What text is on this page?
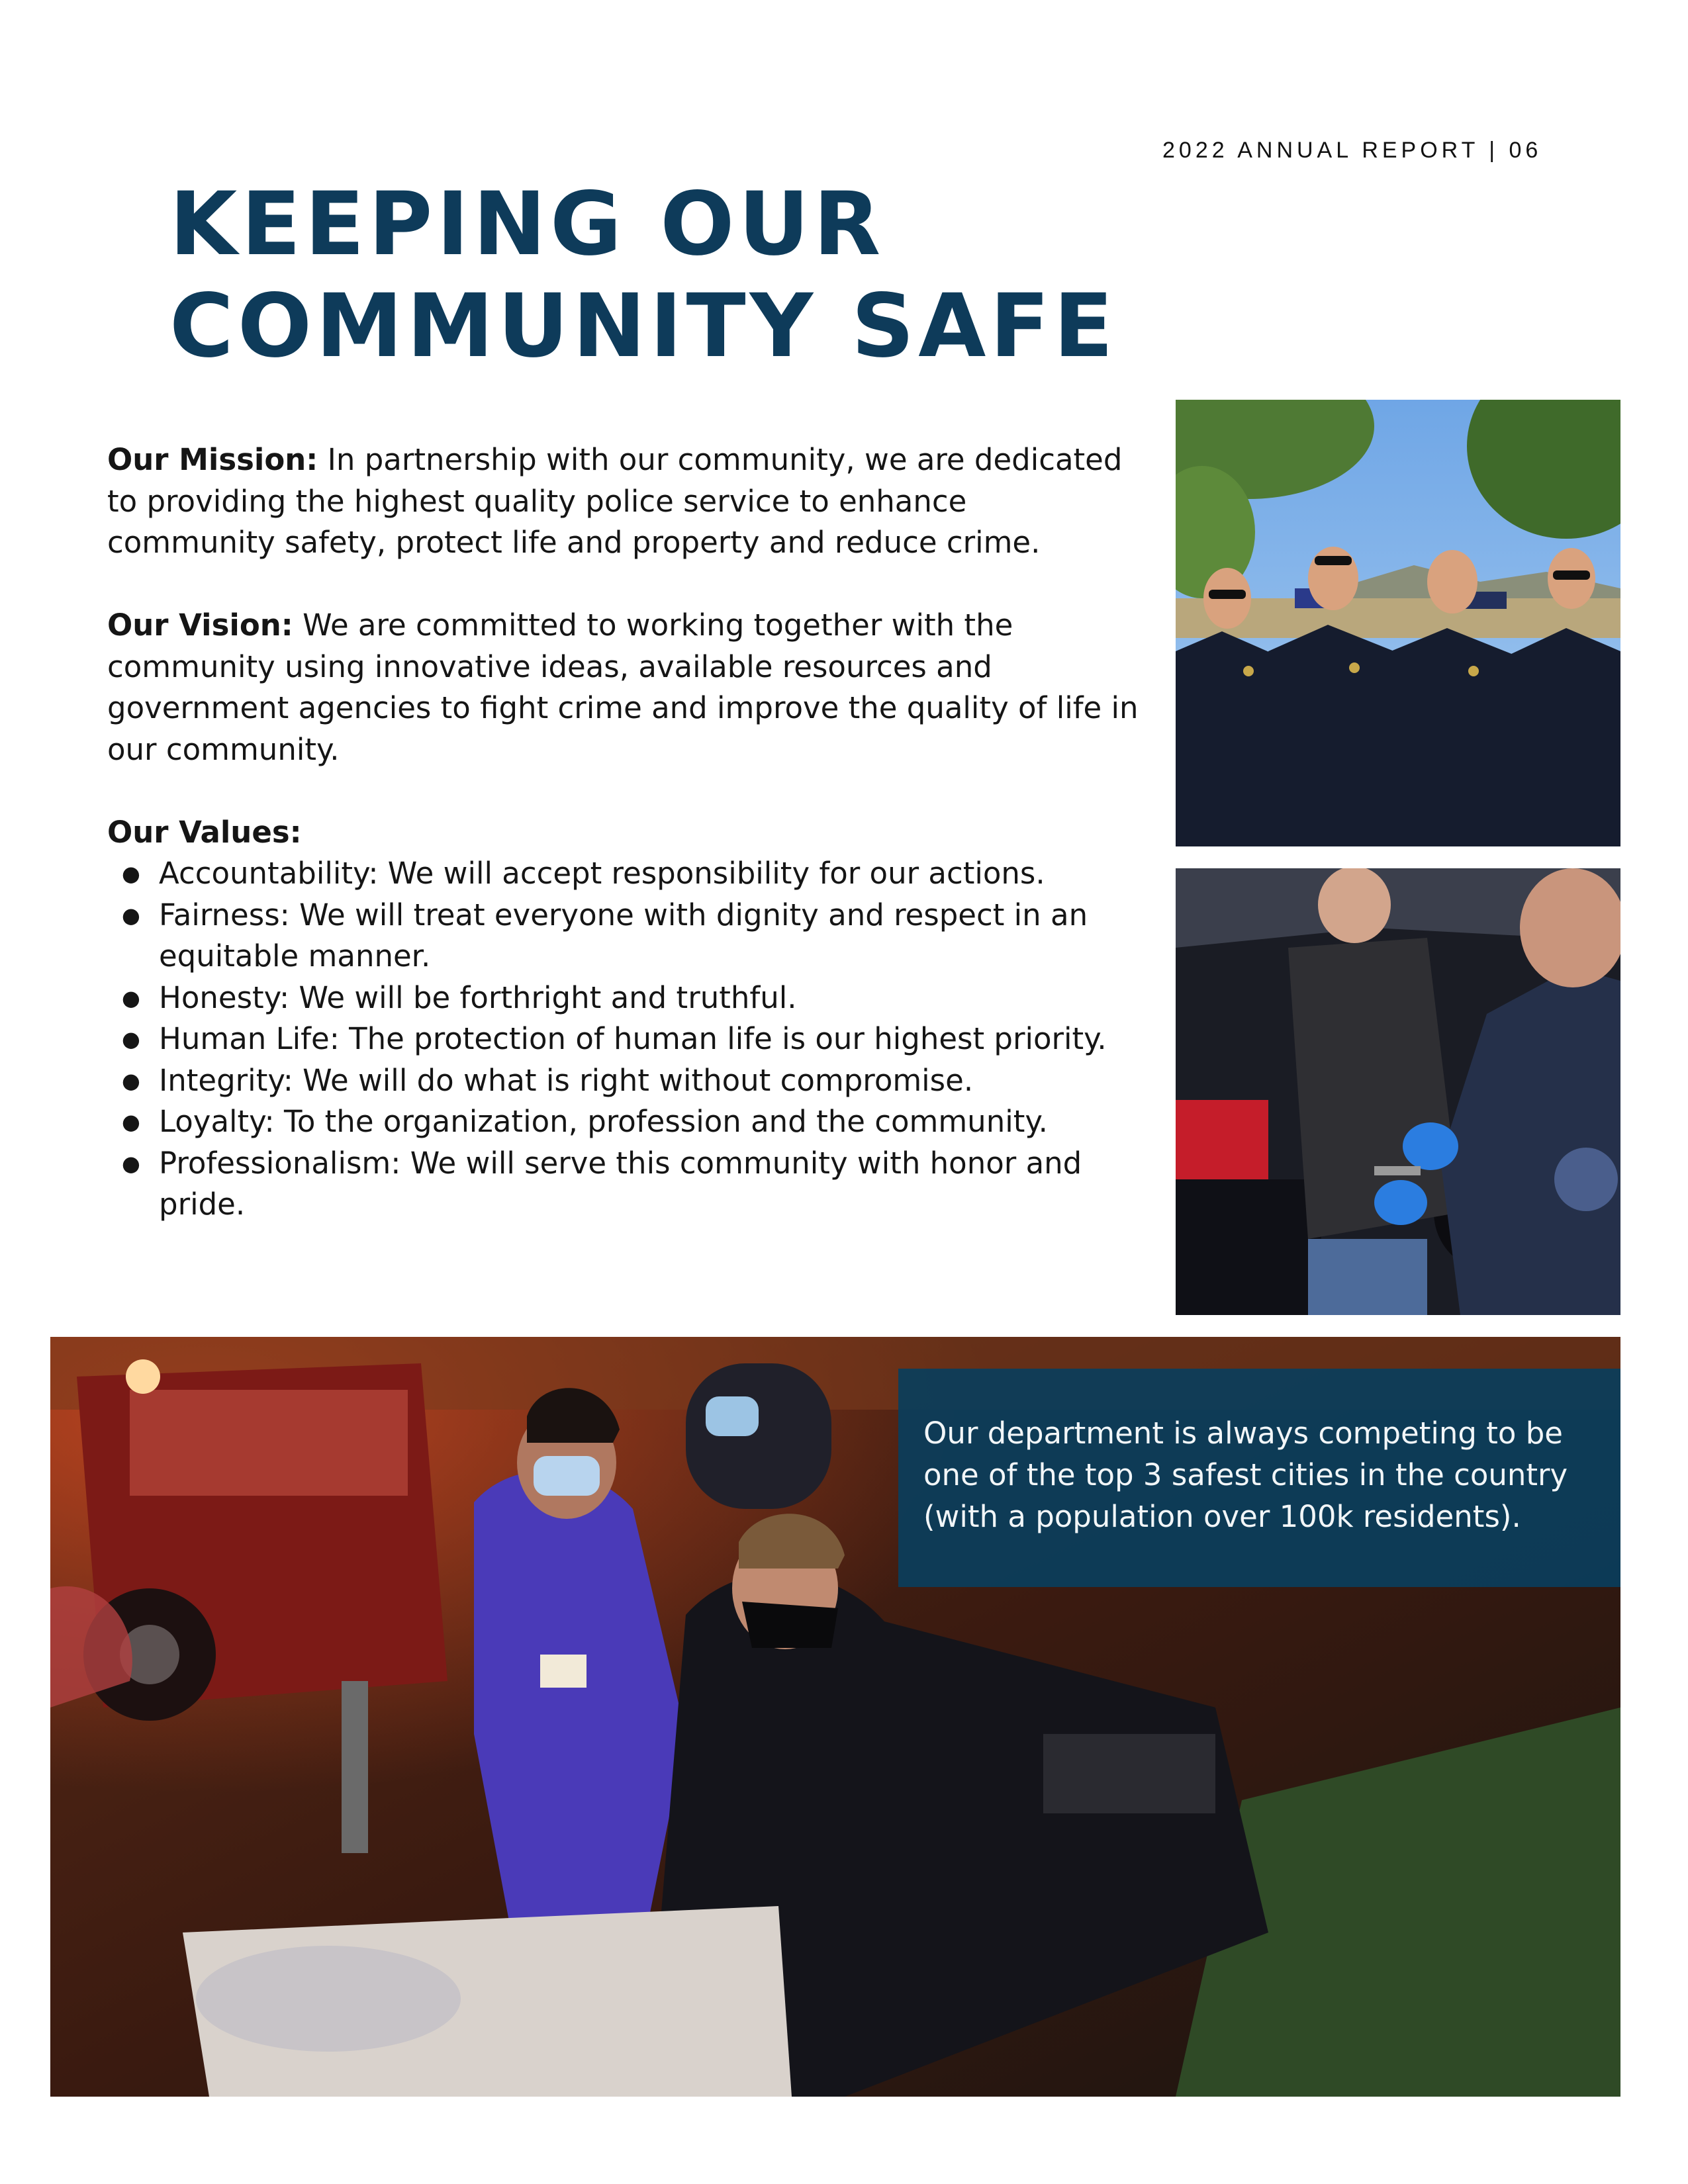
2022 ANNUAL REPORT | 06
KEEPING OUR
COMMUNITY SAFE

Our Mission: In partnership with our community, we are dedicated to providing the highest quality police service to enhance community safety, protect life and property and reduce crime.

Our Vision: We are committed to working together with the community using innovative ideas, available resources and government agencies to fight crime and improve the quality of life in our community.

Our Values:

● Accountability: We will accept responsibility for our actions.
● Fairness: We will treat everyone with dignity and respect in an equitable manner.
● Honesty: We will be forthright and truthful.
● Human Life: The protection of human life is our highest priority.
● Integrity: We will do what is right without compromise.
● Loyalty: To the organization, profession and the community.
● Professionalism: We will serve this community with honor and pride.
Our department is always competing to be one of the top 3 safest cities in the country (with a population over 100k residents).
